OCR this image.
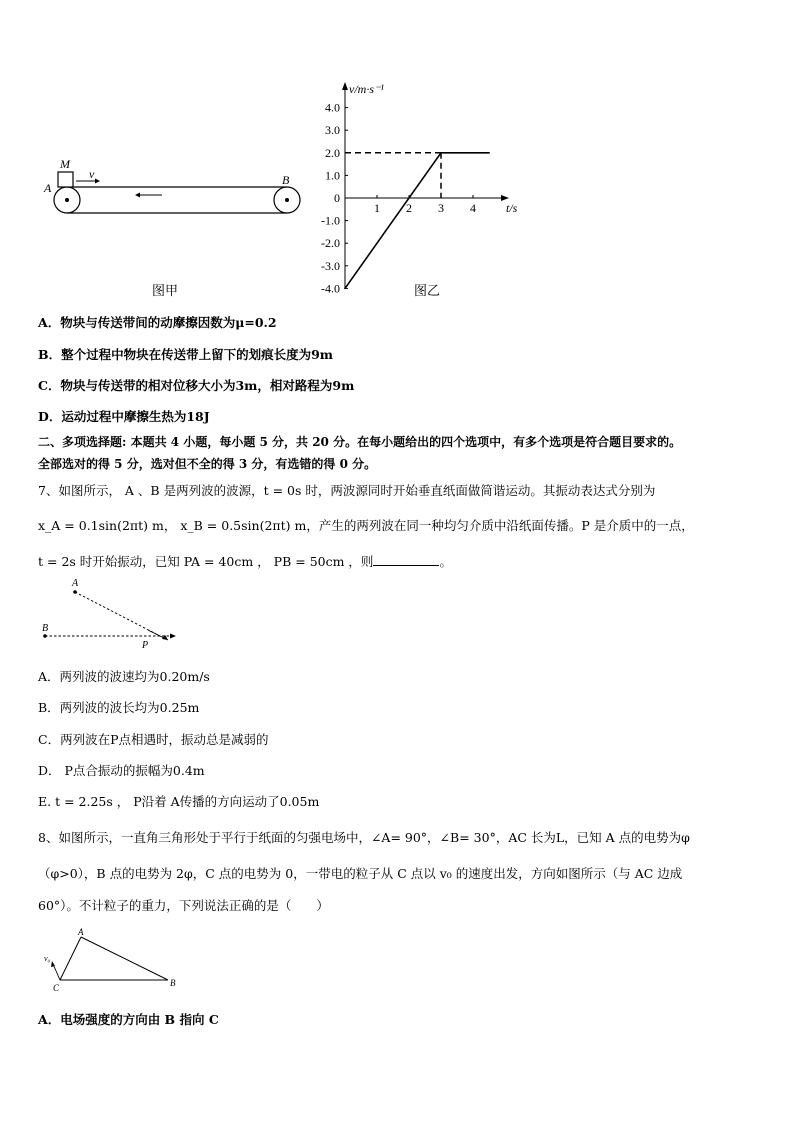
M
v
A
B
图甲
4.0
3.0
2.0
1.0
0
-1.0
-2.0
-3.0
-4.0
1 2 3 4
v/m·s⁻¹
t/s
图乙
A．物块与传送带间的动摩擦因数为μ=0.2
B．整个过程中物块在传送带上留下的划痕长度为9m
C．物块与传送带的相对位移大小为3m，相对路程为9m
D．运动过程中摩擦生热为18J
二、多项选择题: 本题共 4 小题，每小题 5 分，共 20 分。在每小题给出的四个选项中，有多个选项是符合题目要求的。
全部选对的得 5 分，选对但不全的得 3 分，有选错的得 0 分。
7、如图所示， A 、B 是两列波的波源，t = 0s 时，两波源同时开始垂直纸面做简谐运动。其振动表达式分别为
x_A = 0.1sin(2πt) m， x_B = 0.5sin(2πt) m，产生的两列波在同一种均匀介质中沿纸面传播。P 是介质中的一点，
t = 2s 时开始振动，已知 PA = 40cm ， PB = 50cm ，则	。
A
B
P
A．两列波的波速均为0.20m/s
B．两列波的波长均为0.25m
C．两列波在P点相遇时，振动总是减弱的
D． P点合振动的振幅为0.4m
E. t = 2.25s ， P沿着 A传播的方向运动了0.05m
8、如图所示，一直角三角形处于平行于纸面的匀强电场中，∠A= 90°，∠B= 30°，AC 长为L，已知 A 点的电势为φ
（φ>0），B 点的电势为 2φ，C 点的电势为 0，一带电的粒子从 C 点以 v₀ 的速度出发，方向如图所示（与 AC 边成
60°）。不计粒子的重力，下列说法正确的是（　　）
A
B
C
v₀
A．电场强度的方向由 B 指向 C
